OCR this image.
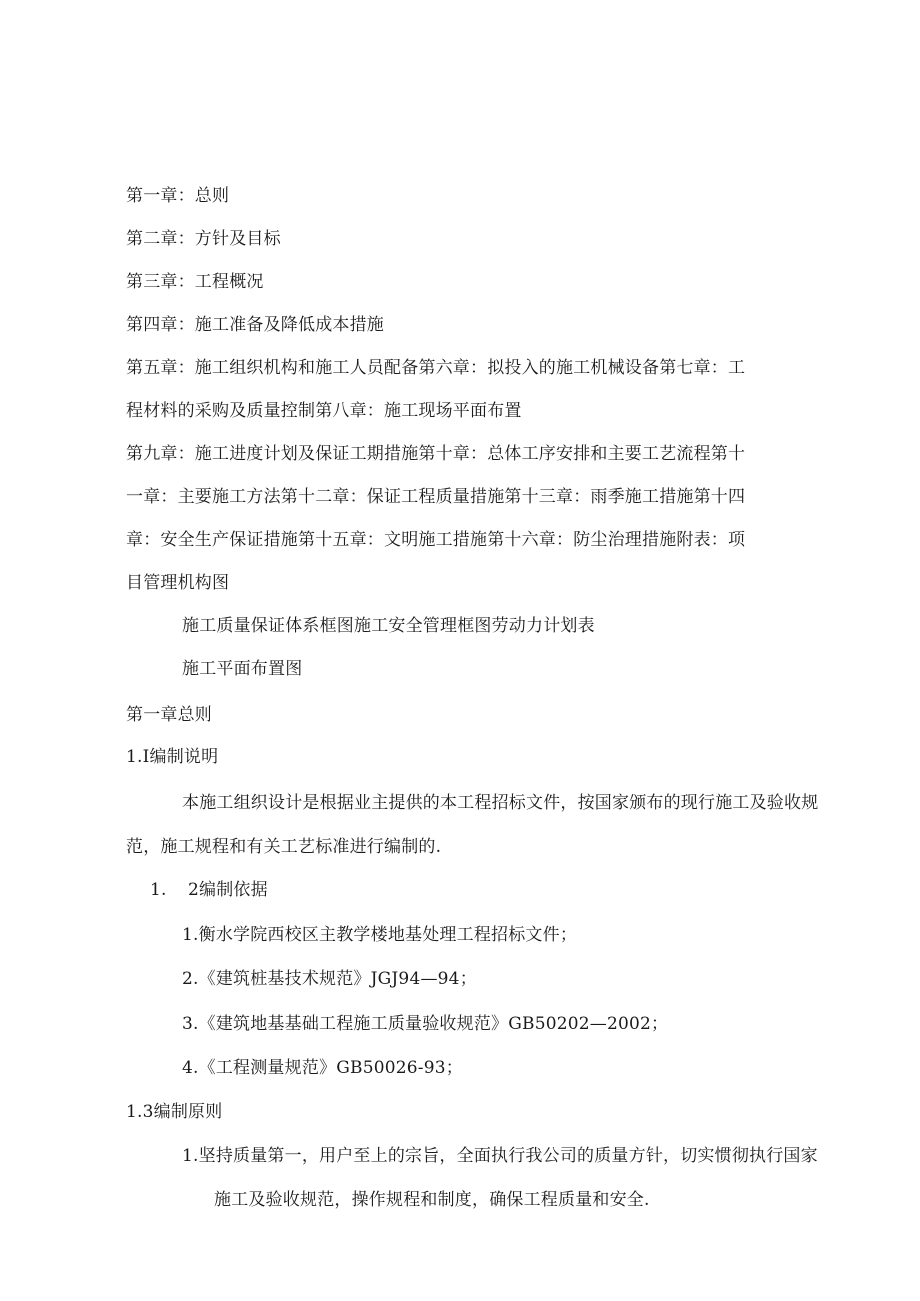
第一章：总则
第二章：方针及目标
第三章：工程概况
第四章：施工准备及降低成本措施
第五章：施工组织机构和施工人员配备第六章：拟投入的施工机械设备第七章：工
程材料的采购及质量控制第八章：施工现场平面布置
第九章：施工进度计划及保证工期措施第十章：总体工序安排和主要工艺流程第十
一章：主要施工方法第十二章：保证工程质量措施第十三章：雨季施工措施第十四
章：安全生产保证措施第十五章：文明施工措施第十六章：防尘治理措施附表：项
目管理机构图
施工质量保证体系框图施工安全管理框图劳动力计划表
施工平面布置图
第一章总则
1.I编制说明
本施工组织设计是根据业主提供的本工程招标文件，按国家颁布的现行施工及验收规
范，施工规程和有关工艺标准进行编制的.
1. 2编制依据
1.衡水学院西校区主教学楼地基处理工程招标文件；
2.《建筑桩基技术规范》JGJ94—94；
3.《建筑地基基础工程施工质量验收规范》GB50202—2002；
4.《工程测量规范》GB50026-93；
1.3编制原则
1.坚持质量第一，用户至上的宗旨，全面执行我公司的质量方针，切实惯彻执行国家
施工及验收规范，操作规程和制度，确保工程质量和安全.
